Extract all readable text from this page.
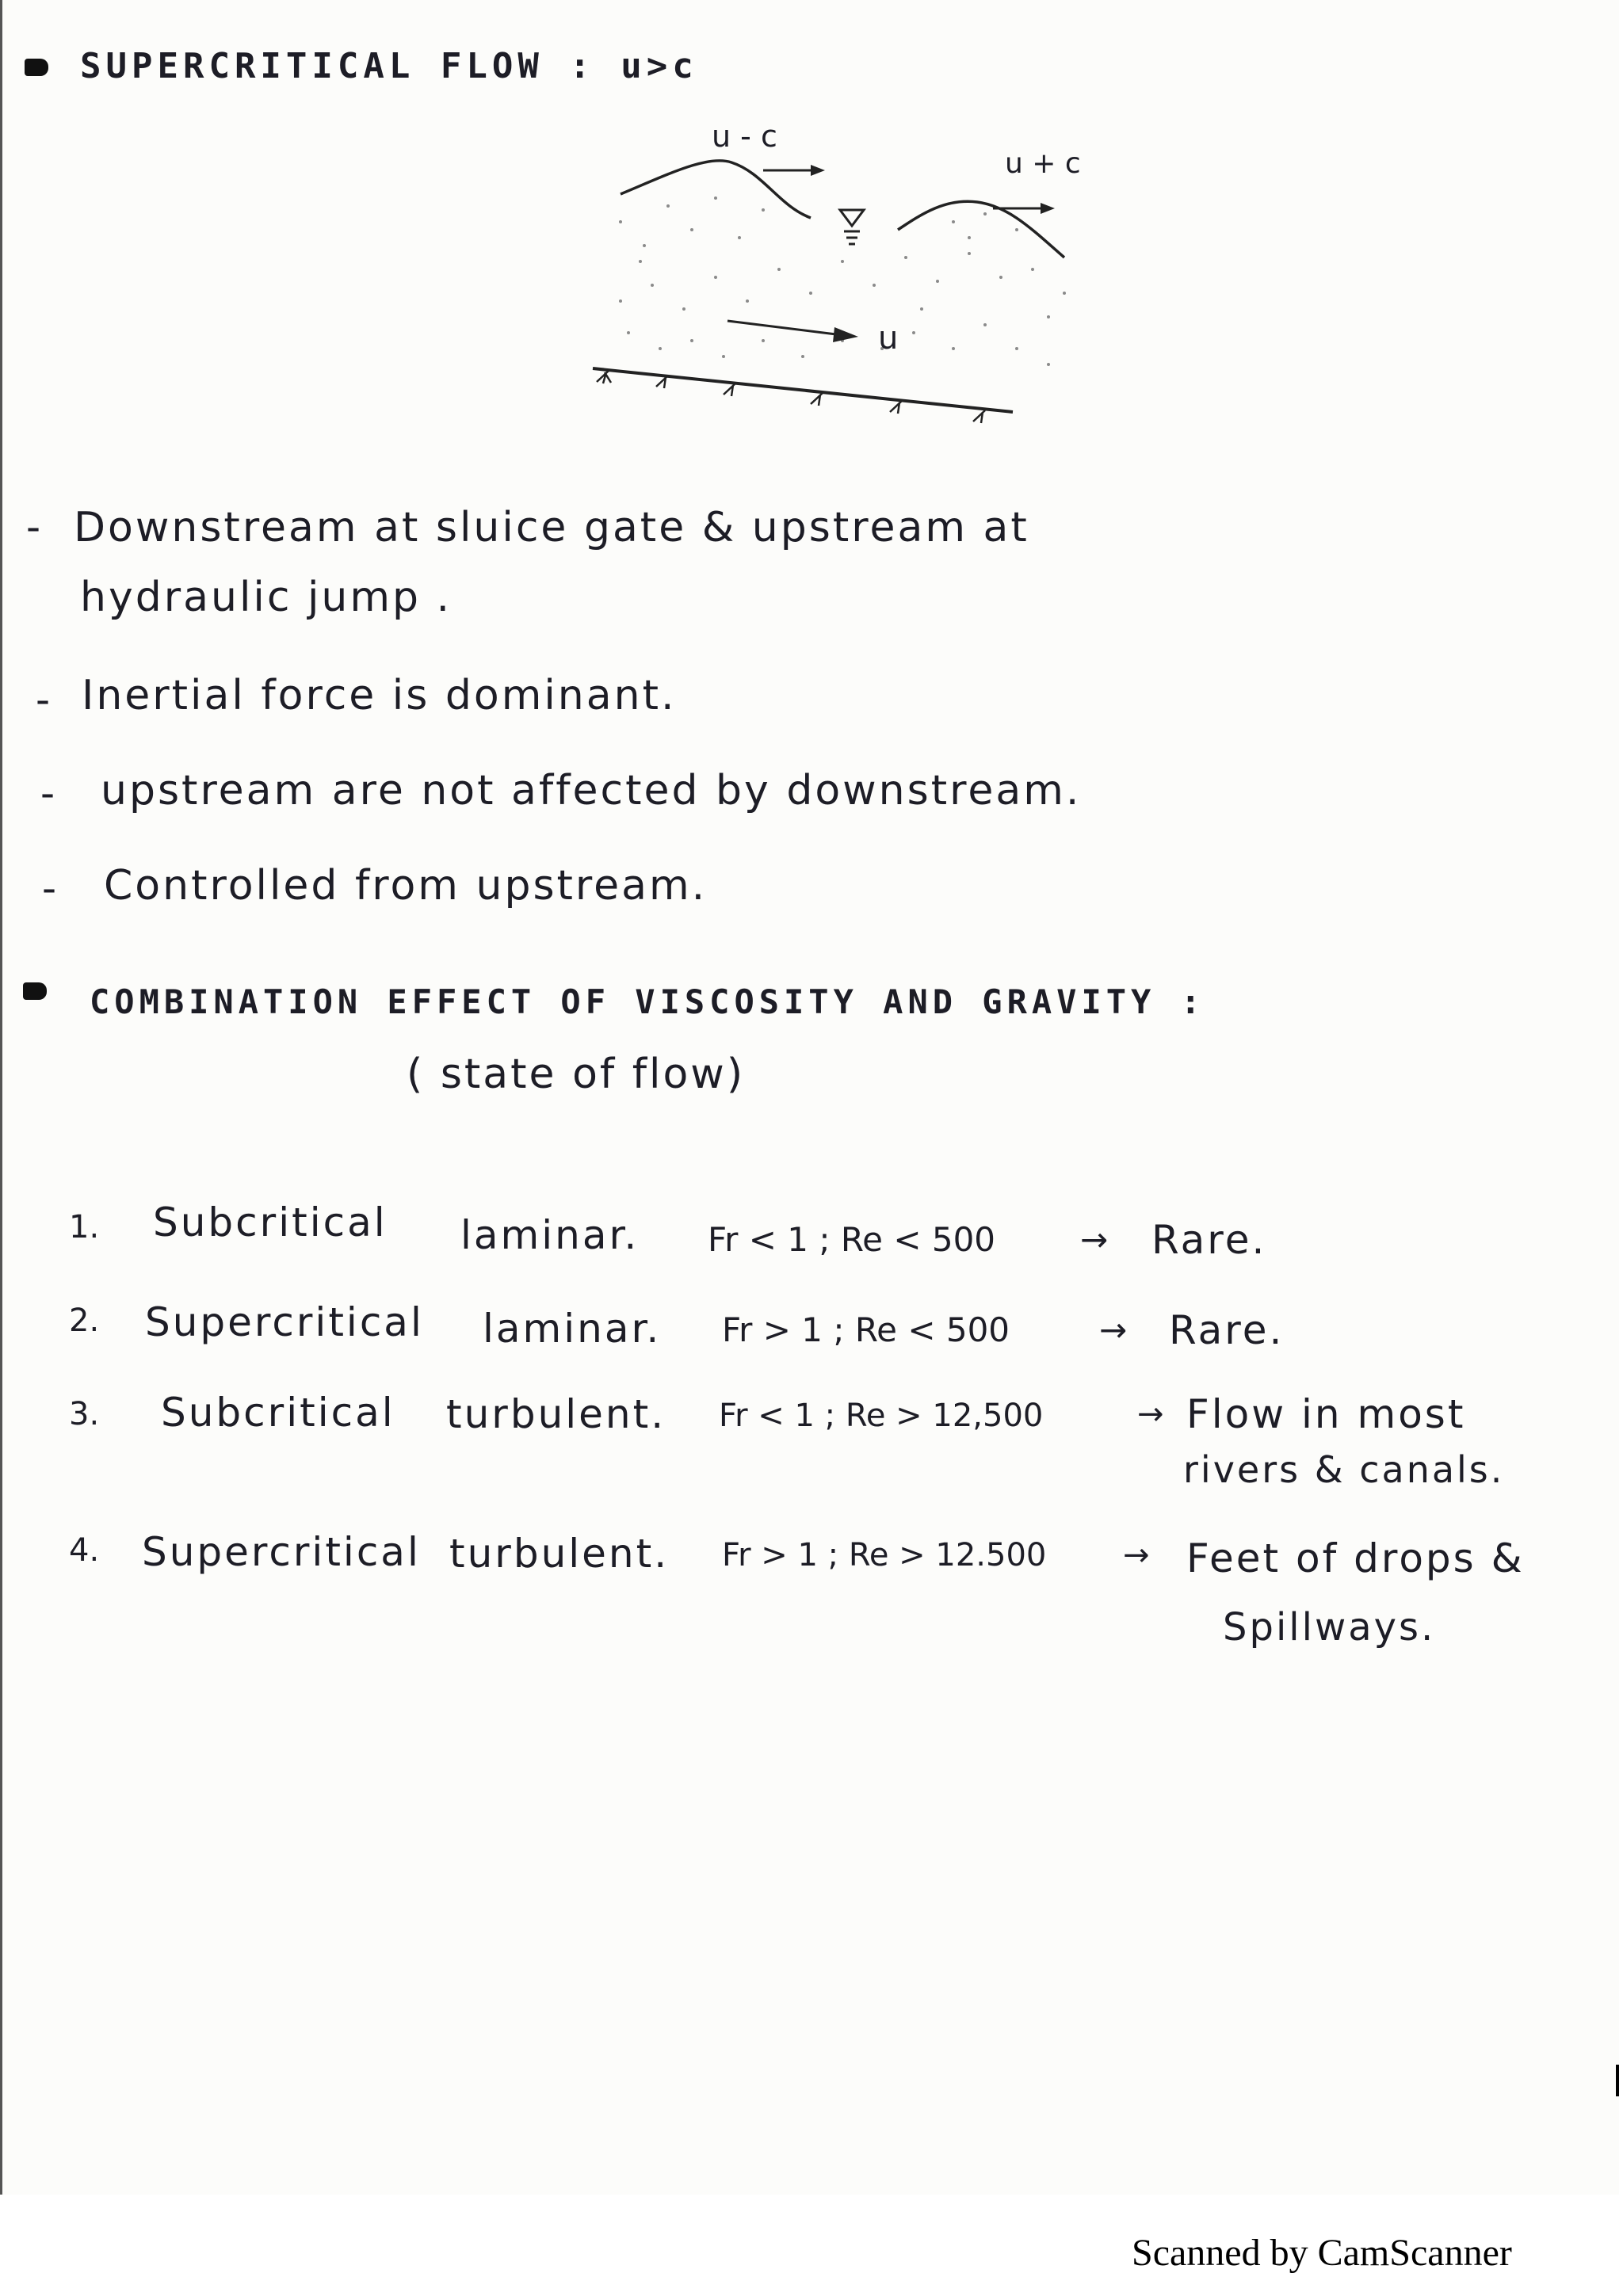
SUPERCRITICAL FLOW : u>c
u - c
u + c
u
- Downstream at sluice gate & upstream at
hydraulic jump .
- Inertial force is dominant.
- upstream are not affected by downstream.
- Controlled from upstream.
COMBINATION EFFECT OF VISCOSITY AND GRAVITY :
( state of flow)
1. Subcritical laminar. Fr < 1 ; Re < 500	→ Rare.
2. Supercritical laminar. Fr > 1 ; Re < 500	→ Rare.
3. Subcritical turbulent. Fr < 1 ; Re > 12,500	→ Flow in most
rivers & canals.
4. Supercritical turbulent. Fr > 1 ; Re > 12.500 → Feet of drops &
Spillways.
Scanned by CamScanner
